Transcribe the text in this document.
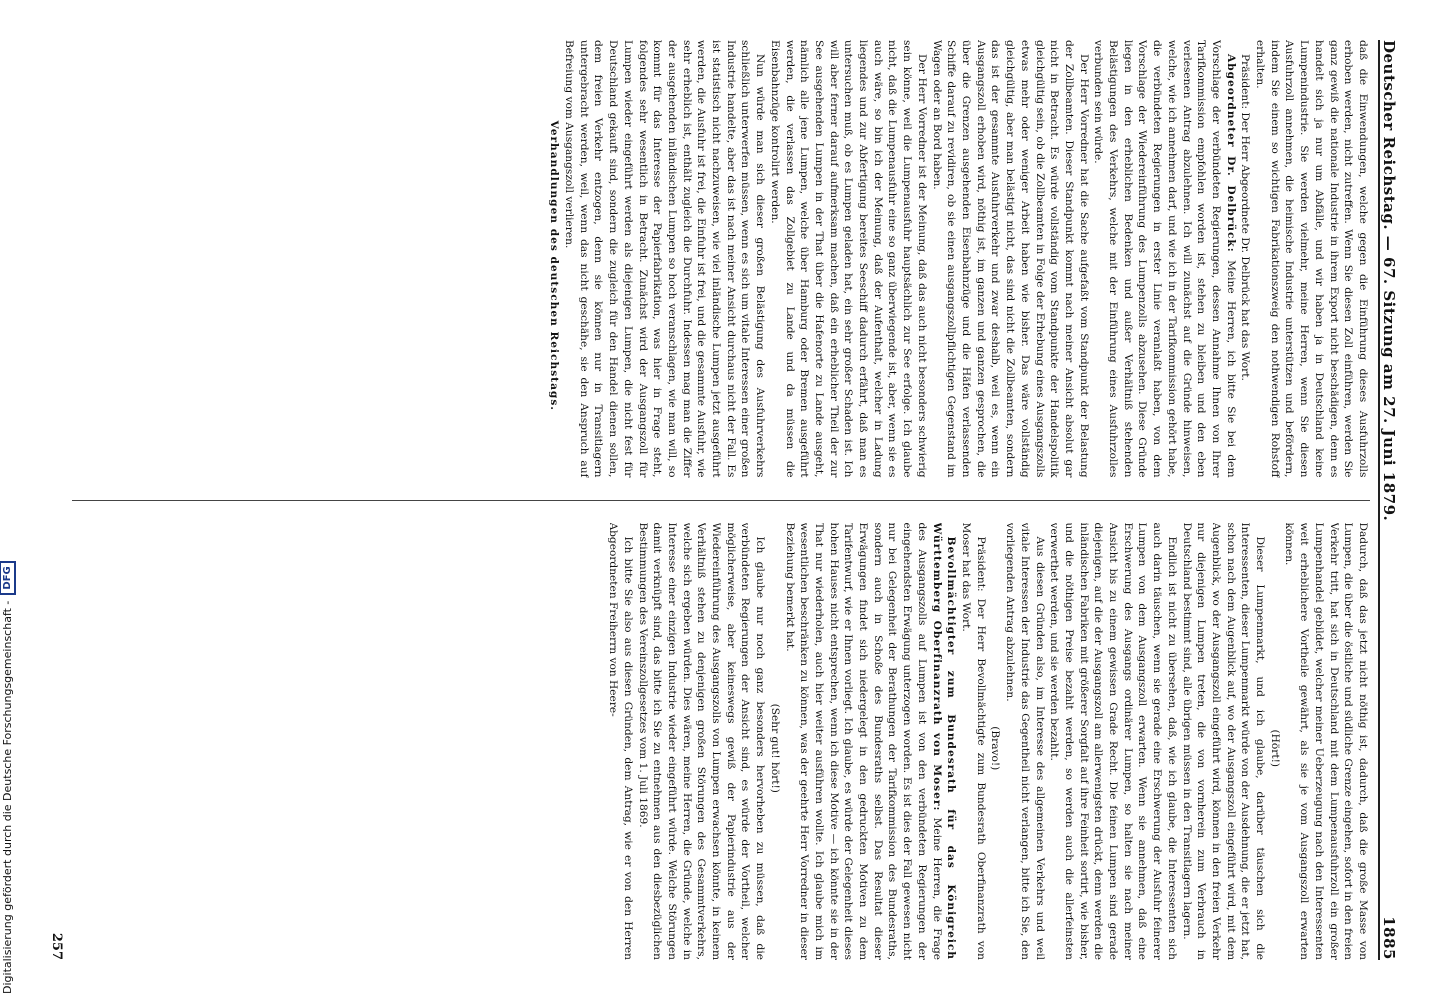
Deutscher Reichstag. — 67. Sitzung am 27. Juni 1879.
1885

daß die Einwendungen, welche gegen die Einführung dieses Ausfuhrzolls erhoben werden, nicht zutreffen. Wenn Sie diesen Zoll einführen, werden Sie ganz gewiß die nationale Industrie in ihrem Export nicht beschädigen, denn es handelt sich ja nur um Abfälle, und wir haben ja in Deutschland keine Lumpenindustrie. Sie werden vielmehr, meine Herren, wenn Sie diesen Ausfuhrzoll annehmen, die heimische Industrie unterstützen und befördern, indem Sie einem so wichtigen Fabrikationszweig den nothwendigen Rohstoff erhalten.

Präsident: Der Herr Abgeordnete Dr. Delbrück hat das Wort.

Abgeordneter Dr. Delbrück: Meine Herren, ich bitte Sie bei dem Vorschlage der verbündeten Regierungen, dessen Annahme Ihnen von Ihrer Tarifkommission empfohlen worden ist, stehen zu bleiben und den eben verlesenen Antrag abzulehnen. Ich will zunächst auf die Gründe hinweisen, welche, wie ich annehmen darf, und wie ich in der Tarifkommission gehört habe, die verbündeten Regierungen in erster Linie veranlaßt haben, von dem Vorschlage der Wiedereinführung des Lumpenzolls abzusehen. Diese Gründe liegen in den erheblichen Bedenken und außer Verhältniß stehenden Belästigungen des Verkehrs, welche mit der Einführung eines Ausfuhrzolles verbunden sein würde.

Der Herr Vorredner hat die Sache aufgefaßt vom Standpunkt der Belastung der Zollbeamten. Dieser Standpunkt kommt nach meiner Ansicht absolut gar nicht in Betracht. Es würde vollständig vom Standpunkte der Handelspolitik gleichgültig sein, ob die Zollbeamten in Folge der Erhebung eines Ausgangszolls etwas mehr oder weniger Arbeit haben wie bisher. Das wäre vollständig gleichgültig, aber man belästigt nicht, das sind nicht die Zollbeamten, sondern das ist der gesammte Ausfuhrverkehr und zwar deshalb, weil es, wenn ein Ausgangszoll erhoben wird, nöthig ist, im ganzen und ganzen gesprochen, die über die Grenzen ausgehenden Eisenbahnzüge und die Häfen verlassenden Schiffe darauf zu revidiren, ob sie einen ausgangszollpflichtigen Gegenstand im Wagen oder an Bord haben.

Der Herr Vorredner ist der Meinung, daß das auch nicht besonders schwierig sein könne, weil die Lumpenausfuhr hauptsächlich zur See erfolge. Ich glaube nicht, daß die Lumpenausfuhr eine so ganz überwiegende ist, aber, wenn sie es auch wäre, so bin ich der Meinung, daß der Aufenthalt, welcher in Ladung liegendes und zur Abfertigung bereites Seeschiff dadurch erfährt, daß man es untersuchen muß, ob es Lumpen geladen hat, ein sehr großer Schaden ist. Ich will aber ferner darauf aufmerksam machen, daß ein erheblicher Theil der zur See ausgehenden Lumpen in der That über die Hafenorte zu Lande ausgeht, nämlich alle jene Lumpen, welche über Hamburg oder Bremen ausgeführt werden, die verlassen das Zollgebiet zu Lande und da müssen die Eisenbahnzüge kontrolirt werden.

Nun würde man sich dieser großen Belästigung des Ausfuhrverkehrs schließlich unterwerfen müssen, wenn es sich um vitale Interessen einer großen Industrie handelte, aber das ist nach meiner Ansicht durchaus nicht der Fall. Es ist statistisch nicht nachzuweisen, wie viel inländische Lumpen jetzt ausgeführt werden, die Ausfuhr ist frei, die Einfuhr ist frei, und die gesammte Ausfuhr, wie sehr erheblich ist, enthält zugleich die Durchfuhr. Indessen mag man die Ziffer der ausgehenden inländischen Lumpen so hoch veranschlagen, wie man will, so kommt für das Interesse der Papierfabrikation, was hier in Frage steht, folgendes sehr wesentlich in Betracht. Zunächst wird der Ausgangszoll für Lumpen wieder eingeführt werden als diejenigen Lumpen, die nicht fest für Deutschland gekauft sind, sondern die zugleich für den Handel dienen sollen, dem freien Verkehr entzogen, denn sie können nur in Transitlagern untergebracht werden, weil, wenn das nicht geschähe, sie den Anspruch auf Befreiung vom Ausgangszoll verlieren.

Verhandlungen des deutschen Reichstags.

Dadurch, daß das jetzt nicht nöthig ist, dadurch, daß die große Masse von Lumpen, die über die östliche und südliche Grenze eingehen, sofort in den freien Verkehr tritt, hat sich in Deutschland mit dem Lumpenausfuhrzoll ein großer Lumpenhandel gebildet, welcher meiner Ueberzeugung nach den Interessenten weit erheblichere Vortheile gewährt, als sie je vom Ausgangszoll erwarten können.

(Hört!)

Dieser Lumpenmarkt, und ich glaube, darüber täuschen sich die Interessenten, dieser Lumpenmarkt würde von der Ausdehnung, die er jetzt hat, schon nach dem Augenblick auf, wo der Ausgangszoll eingeführt wird, mit dem Augenblick, wo der Ausgangszoll eingeführt wird, können in den freien Verkehr nur diejenigen Lumpen treten, die von vornherein zum Verbrauch in Deutschland bestimmt sind, alle übrigen müssen in den Transitlagern lagern.

Endlich ist nicht zu übersehen, daß, wie ich glaube, die Interessenten sich auch darin täuschen, wenn sie gerade eine Erschwerung der Ausfuhr feinerer Lumpen von dem Ausgangszoll erwarten. Wenn sie annehmen, daß eine Erschwerung des Ausgangs ordinärer Lumpen, so halten sie nach meiner Ansicht bis zu einem gewissen Grade Recht. Die feinen Lumpen sind gerade diejenigen, auf die der Ausgangszoll am allerwenigsten drückt, denn werden die inländischen Fabriken mit größerer Sorgfalt auf ihre Feinheit sortirt, wie bisher, und die nöthigen Preise bezahlt werden, so werden auch die allerfeinsten verwerthet werden, und sie werden bezahlt.

Aus diesen Gründen also, im Interesse des allgemeinen Verkehrs und weil vitale Interessen der Industrie das Gegentheil nicht verlangen, bitte ich Sie, den vorliegenden Antrag abzulehnen.

(Bravo!)

Präsident: Der Herr Bevollmächtigte zum Bundesrath Oberfinanzrath von Moser hat das Wort.

Bevollmächtigter zum Bundesrath für das Königreich Württemberg Oberfinanzrath von Moser: Meine Herren, die Frage des Ausgangszolls auf Lumpen ist von den verbündeten Regierungen der eingehendsten Erwägung unterzogen worden. Es ist dies der Fall gewesen nicht nur bei Gelegenheit der Berathungen der Tarifkommission des Bundesraths, sondern auch in Schoße des Bundesraths selbst. Das Resultat dieser Erwägungen findet sich niedergelegt in den gedruckten Motiven zu dem Tarifentwurf, wie er Ihnen vorliegt. Ich glaube, es würde der Gelegenheit dieses hohen Hauses nicht entsprechen, wenn ich diese Motive — ich könnte sie in der That nur wiederholen, auch hier weiter ausführen wollte. Ich glaube mich im wesentlichen beschränken zu können, was der geehrte Herr Vorredner in dieser Beziehung bemerkt hat.

(Sehr gut! hört!)

Ich glaube nur noch ganz besonders hervorheben zu müssen, daß die verbündeten Regierungen der Ansicht sind, es würde der Vortheil, welcher möglicherweise, aber keineswegs gewiß der Papierindustrie aus der Wiedereinführung des Ausgangszolls von Lumpen erwachsen könnte, in keinem Verhältniß stehen zu denjenigen großen Störungen des Gesammtverkehrs, welche sich ergeben würden. Dies wären, meine Herren, die Gründe, welche in Interesse einer einzigen Industrie wieder eingeführt würde. Welche Störungen damit verknüpft sind, das bitte ich Sie zu entnehmen aus den diesbezüglichen Bestimmungen des Vereinszollgesetzes vom 1. Juli 1869.

Ich bitte Sie also aus diesen Gründen, dem Antrag, wie er von den Herren Abgeordneten Freiherrn von Heere-

257
Digitalisierung gefördert durch die Deutsche Forschungsgemeinschaft -
DFG
